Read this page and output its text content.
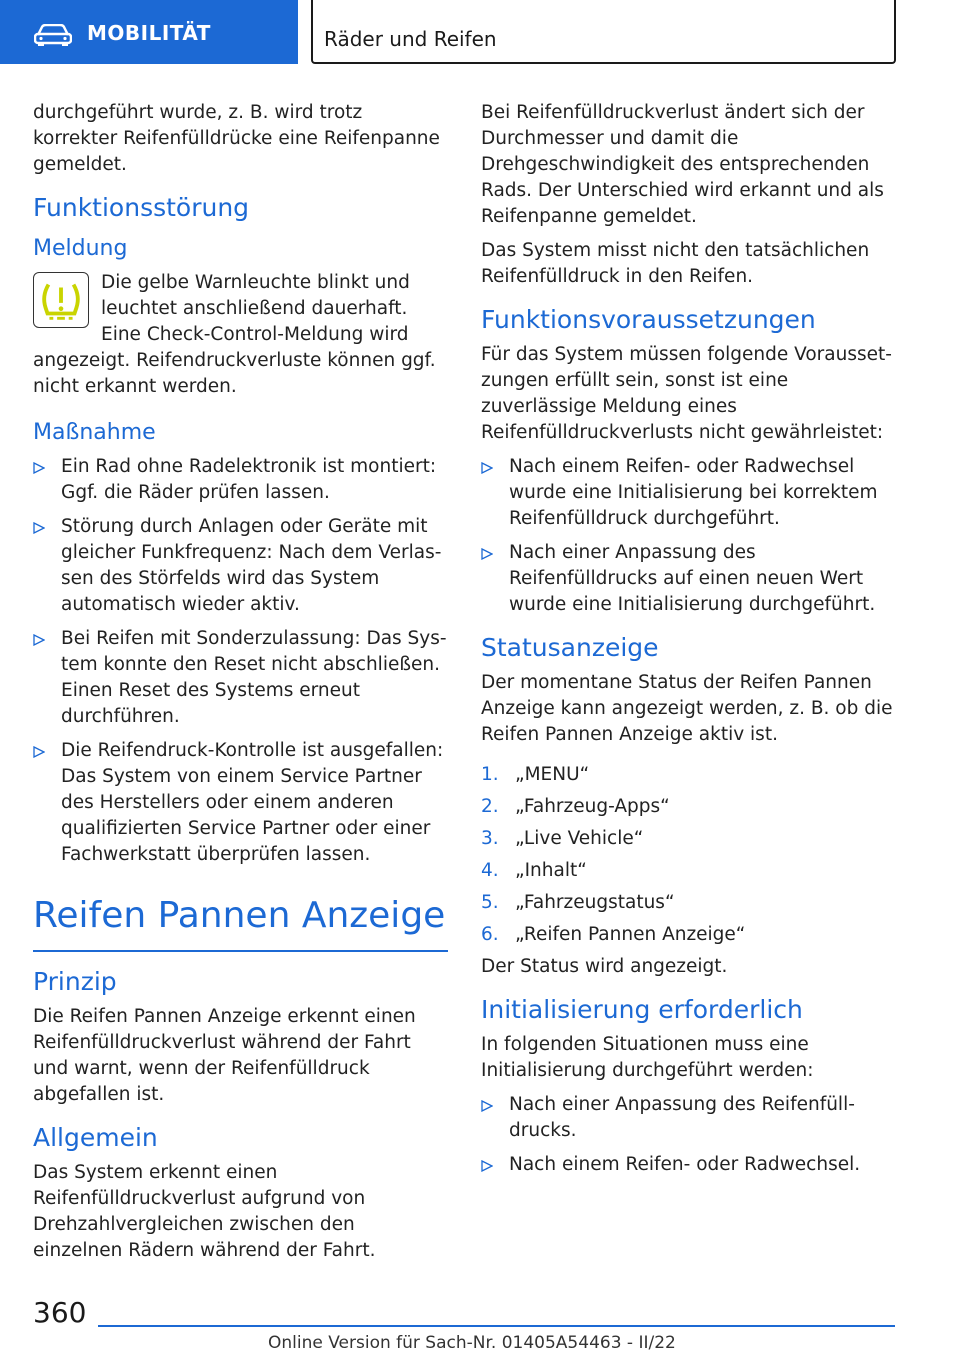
MOBILITÄT	Räder und Reifen

durchgeführt wurde, z. B. wird trotz korrekter Reifenfülldrücke eine Reifenpanne gemeldet.

Funktionsstörung
Meldung

Die gelbe Warnleuchte blinkt und leuchtet anschließend dauerhaft. Eine Check-Control-Meldung wird angezeigt. Reifendruckverluste können ggf. nicht erkannt werden.

Maßnahme
Ein Rad ohne Radelektronik ist montiert: Ggf. die Räder prüfen lassen.
Störung durch Anlagen oder Geräte mit gleicher Funkfrequenz: Nach dem Verlassen des Störfelds wird das System automatisch wieder aktiv.
Bei Reifen mit Sonderzulassung: Das System konnte den Reset nicht abschließen. Einen Reset des Systems erneut durchführen.
Die Reifendruck-Kontrolle ist ausgefallen: Das System von einem Service Partner des Herstellers oder einem anderen qualifizierten Service Partner oder einer Fachwerkstatt überprüfen lassen.
Reifen Pannen Anzeige
Prinzip

Die Reifen Pannen Anzeige erkennt einen Reifenfülldruckverlust während der Fahrt und warnt, wenn der Reifenfülldruck abgefallen ist.

Allgemein

Das System erkennt einen Reifenfülldruckverlust aufgrund von Drehzahlvergleichen zwischen den einzelnen Rädern während der Fahrt.

Bei Reifenfülldruckverlust ändert sich der Durchmesser und damit die Drehgeschwindigkeit des entsprechenden Rads. Der Unterschied wird erkannt und als Reifenpanne gemeldet.

Das System misst nicht den tatsächlichen Reifenfülldruck in den Reifen.

Funktionsvoraussetzungen

Für das System müssen folgende Voraussetzungen erfüllt sein, sonst ist eine zuverlässige Meldung eines Reifenfülldruckverlusts nicht gewährleistet:

Nach einem Reifen- oder Radwechsel wurde eine Initialisierung bei korrektem Reifenfülldruck durchgeführt.
Nach einer Anpassung des Reifenfülldrucks auf einen neuen Wert wurde eine Initialisierung durchgeführt.
Statusanzeige

Der momentane Status der Reifen Pannen Anzeige kann angezeigt werden, z. B. ob die Reifen Pannen Anzeige aktiv ist.

1. „MENU“
2. „Fahrzeug-Apps“
3. „Live Vehicle“
4. „Inhalt“
5. „Fahrzeugstatus“
6. „Reifen Pannen Anzeige“

Der Status wird angezeigt.

Initialisierung erforderlich

In folgenden Situationen muss eine Initialisierung durchgeführt werden:

Nach einer Anpassung des Reifenfülldrucks.
Nach einem Reifen- oder Radwechsel.
360
Online Version für Sach-Nr. 01405A54463 - II/22
